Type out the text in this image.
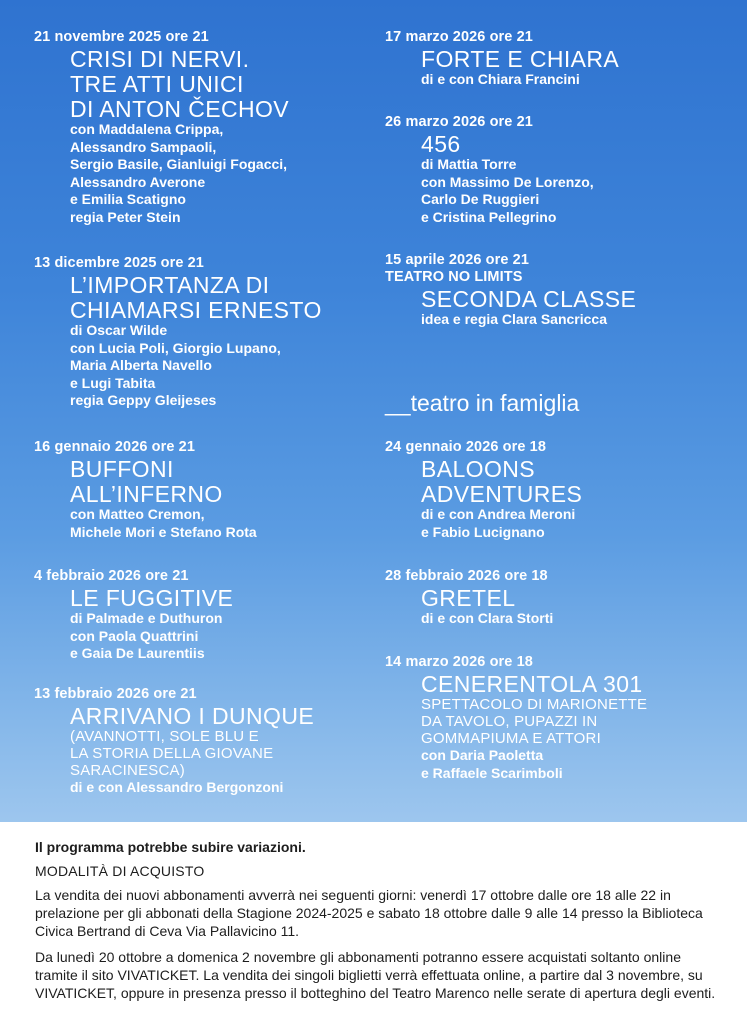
21 novembre 2025 ore 21
CRISI DI NERVI.
TRE ATTI UNICI
DI ANTON ČECHOV
con Maddalena Crippa,
Alessandro Sampaoli,
Sergio Basile, Gianluigi Fogacci,
Alessandro Averone
e Emilia Scatigno
regia Peter Stein
13 dicembre 2025 ore 21
L’IMPORTANZA DI
CHIAMARSI ERNESTO
di Oscar Wilde
con Lucia Poli, Giorgio Lupano,
Maria Alberta Navello
e Lugi Tabita
regia Geppy Gleijeses
16 gennaio 2026 ore 21
BUFFONI
ALL’INFERNO
con Matteo Cremon,
Michele Mori e Stefano Rota
4 febbraio 2026 ore 21
LE FUGGITIVE
di Palmade e Duthuron
con Paola Quattrini
e Gaia De Laurentiis
13 febbraio 2026 ore 21
ARRIVANO I DUNQUE
(AVANNOTTI, SOLE BLU E
LA STORIA DELLA GIOVANE
SARACINESCA)
di e con Alessandro Bergonzoni
17 marzo 2026 ore 21
FORTE E CHIARA
di e con Chiara Francini
26 marzo 2026 ore 21
456
di Mattia Torre
con Massimo De Lorenzo,
Carlo De Ruggieri
e Cristina Pellegrino
15 aprile 2026 ore 21
TEATRO NO LIMITS
SECONDA CLASSE
idea e regia Clara Sancricca
__teatro in famiglia
24 gennaio 2026 ore 18
BALOONS
ADVENTURES
di e con Andrea Meroni
e Fabio Lucignano
28 febbraio 2026 ore 18
GRETEL
di e con Clara Storti
14 marzo 2026 ore 18
CENERENTOLA 301
SPETTACOLO DI MARIONETTE
DA TAVOLO, PUPAZZI IN
GOMMAPIUMA E ATTORI
con Daria Paoletta
e Raffaele Scarimboli

Il programma potrebbe subire variazioni.

MODALITÀ DI ACQUISTO

La vendita dei nuovi abbonamenti avverrà nei seguenti giorni: venerdì 17 ottobre dalle ore 18 alle 22 in prelazione per gli abbonati della Stagione 2024-2025 e sabato 18 ottobre dalle 9 alle 14 presso la Biblioteca Civica Bertrand di Ceva Via Pallavicino 11.

Da lunedì 20 ottobre a domenica 2 novembre gli abbonamenti potranno essere acquistati soltanto online tramite il sito VIVATICKET. La vendita dei singoli biglietti verrà effettuata online, a partire dal 3 novembre, su VIVATICKET, oppure in presenza presso il botteghino del Teatro Marenco nelle serate di apertura degli eventi.
